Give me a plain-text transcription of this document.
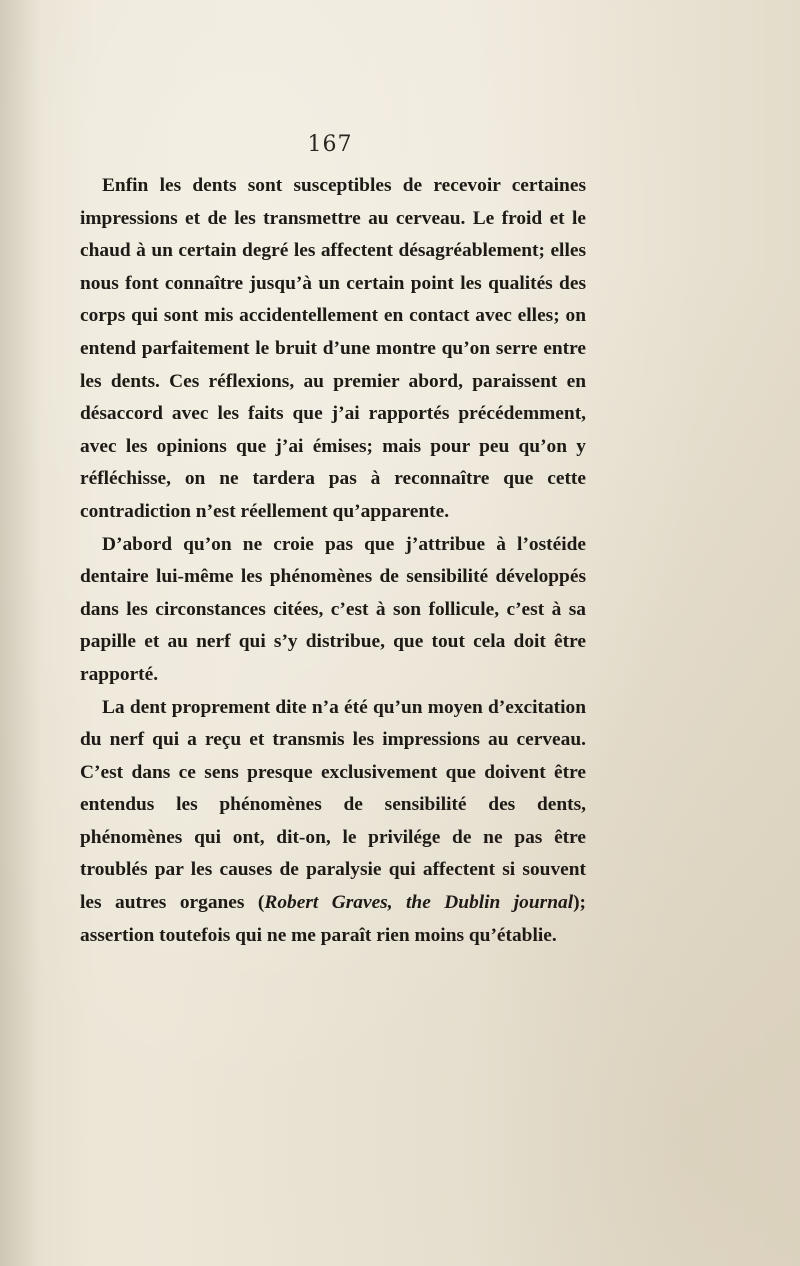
167

Enfin les dents sont susceptibles de recevoir certaines impressions et de les transmettre au cerveau. Le froid et le chaud à un certain degré les affectent désagréablement; elles nous font connaître jusqu’à un certain point les qualités des corps qui sont mis accidentellement en contact avec elles; on entend parfaitement le bruit d’une montre qu’on serre entre les dents. Ces réflexions, au premier abord, paraissent en désaccord avec les faits que j’ai rapportés précédemment, avec les opinions que j’ai émises; mais pour peu qu’on y réfléchisse, on ne tardera pas à reconnaître que cette contradiction n’est réellement qu’apparente.

D’abord qu’on ne croie pas que j’attribue à l’ostéide dentaire lui-même les phénomènes de sensibilité développés dans les circonstances citées, c’est à son follicule, c’est à sa papille et au nerf qui s’y distribue, que tout cela doit être rapporté.

La dent proprement dite n’a été qu’un moyen d’excitation du nerf qui a reçu et transmis les impressions au cerveau. C’est dans ce sens presque exclusivement que doivent être entendus les phénomènes de sensibilité des dents, phénomènes qui ont, dit-on, le privilége de ne pas être troublés par les causes de paralysie qui affectent si souvent les autres organes (Robert Graves, the Dublin journal); assertion toutefois qui ne me paraît rien moins qu’établie.
